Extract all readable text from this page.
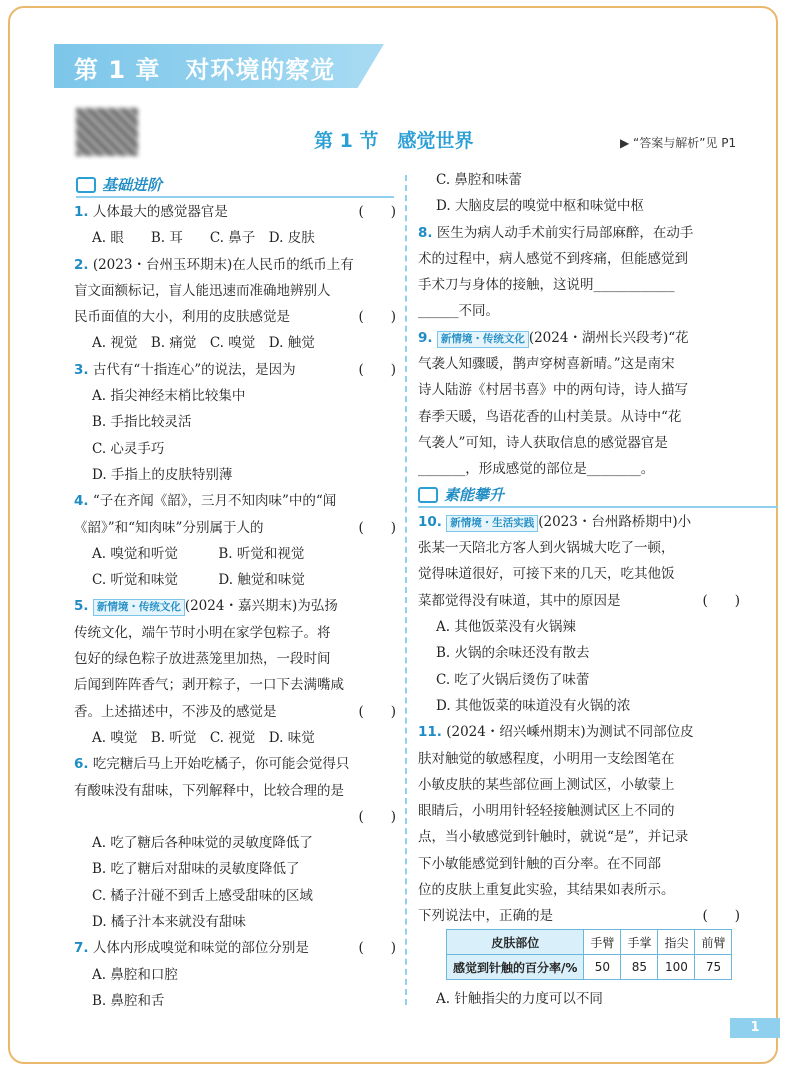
第 1 章　对环境的察觉
第 1 节　感觉世界	▶ “答案与解析”见 P1
基础进阶
素能攀升

1. 人体最大的感觉器官是	(　　)

A. 眼　　B. 耳　　C. 鼻子　D. 皮肤

2. (2023・台州玉环期末)在人民币的纸币上有

盲文面额标记，盲人能迅速而准确地辨别人

民币面值的大小，利用的皮肤感觉是	(　　)

A. 视觉　B. 痛觉　C. 嗅觉　D. 触觉

3. 古代有“十指连心”的说法，是因为	(　　)

A. 指尖神经末梢比较集中

B. 手指比较灵活

C. 心灵手巧

D. 手指上的皮肤特别薄

4. “子在齐闻《韶》，三月不知肉味”中的“闻

《韶》”和“知肉味”分别属于人的	(　　)

A. 嗅觉和听觉　　　B. 听觉和视觉

C. 听觉和味觉　　　D. 触觉和味觉

5. 新情境・传统文化 (2024・嘉兴期末)为弘扬

传统文化，端午节时小明在家学包粽子。将

包好的绿色粽子放进蒸笼里加热，一段时间

后闻到阵阵香气；剥开粽子，一口下去满嘴咸

香。上述描述中，不涉及的感觉是	(　　)

A. 嗅觉　B. 听觉　C. 视觉　D. 味觉

6. 吃完糖后马上开始吃橘子，你可能会觉得只

有酸味没有甜味，下列解释中，比较合理的是

(　　)

A. 吃了糖后各种味觉的灵敏度降低了

B. 吃了糖后对甜味的灵敏度降低了

C. 橘子汁碰不到舌上感受甜味的区域

D. 橘子汁本来就没有甜味

7. 人体内形成嗅觉和味觉的部位分别是	(　　)

A. 鼻腔和口腔

B. 鼻腔和舌

C. 鼻腔和味蕾

D. 大脑皮层的嗅觉中枢和味觉中枢

8. 医生为病人动手术前实行局部麻醉，在动手

术的过程中，病人感觉不到疼痛，但能感觉到

手术刀与身体的接触，这说明____________

______不同。

9. 新情境・传统文化 (2024・湖州长兴段考)“花

气袭人知骤暖，鹊声穿树喜新晴。”这是南宋

诗人陆游《村居书喜》中的两句诗，诗人描写

春季天暖，鸟语花香的山村美景。从诗中“花

气袭人”可知，诗人获取信息的感觉器官是

_______，形成感觉的部位是________。

10. 新情境・生活实践 (2023・台州路桥期中)小

张某一天陪北方客人到火锅城大吃了一顿，

觉得味道很好，可接下来的几天，吃其他饭

菜都觉得没有味道，其中的原因是	(　　)

A. 其他饭菜没有火锅辣

B. 火锅的余味还没有散去

C. 吃了火锅后烫伤了味蕾

D. 其他饭菜的味道没有火锅的浓

11. (2024・绍兴嵊州期末)为测试不同部位皮

肤对触觉的敏感程度，小明用一支绘图笔在

小敏皮肤的某些部位画上测试区，小敏蒙上

眼睛后，小明用针轻轻接触测试区上不同的

点，当小敏感觉到针触时，就说“是”，并记录

下小敏能感觉到针触的百分率。在不同部

位的皮肤上重复此实验，其结果如表所示。

下列说法中，正确的是	(　　)

皮肤部位	手臂	手掌	指尖	前臂
感觉到针触的百分率/%	50	85	100	75

A. 针触指尖的力度可以不同

1
